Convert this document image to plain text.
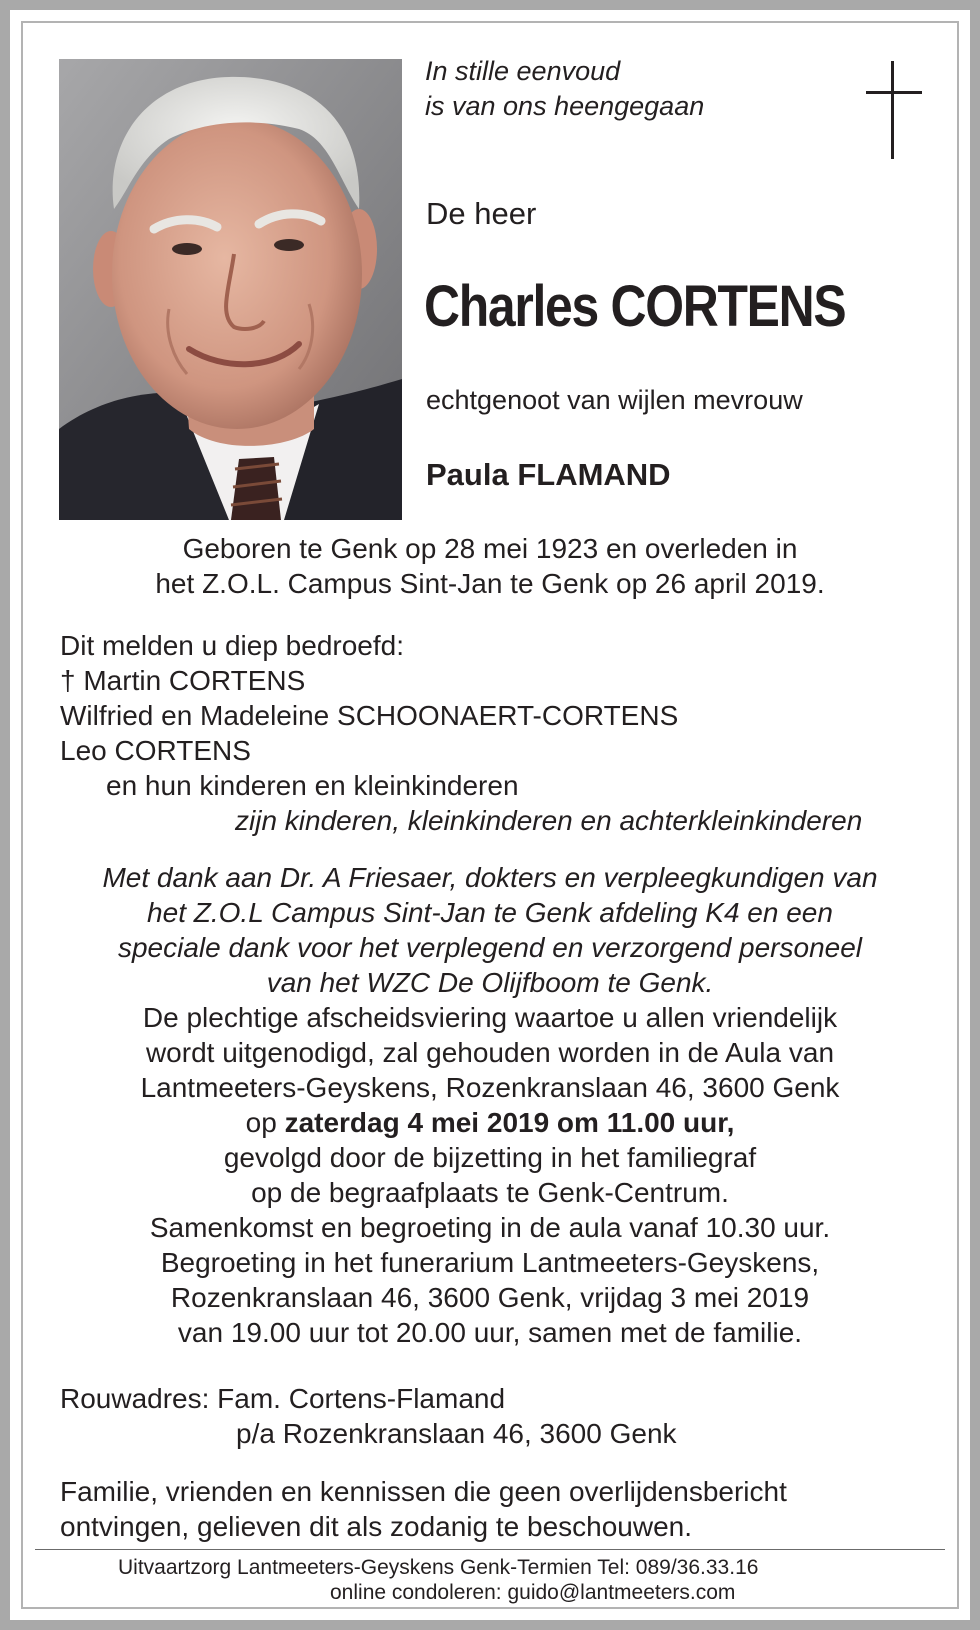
In stille eenvoud
is van ons heengegaan
De heer
Charles CORTENS
echtgenoot van wijlen mevrouw
Paula FLAMAND
Geboren te Genk op 28 mei 1923 en overleden in
het Z.O.L. Campus Sint-Jan te Genk op 26 april 2019.
Dit melden u diep bedroefd:
† Martin CORTENS
Wilfried en Madeleine SCHOONAERT-CORTENS
Leo CORTENS
en hun kinderen en kleinkinderen
zijn kinderen, kleinkinderen en achterkleinkinderen
Met dank aan Dr. A Friesaer, dokters en verpleegkundigen van
het Z.O.L Campus Sint-Jan te Genk afdeling K4 en een
speciale dank voor het verplegend en verzorgend personeel
van het WZC De Olijfboom te Genk.
De plechtige afscheidsviering waartoe u allen vriendelijk
wordt uitgenodigd, zal gehouden worden in de Aula van
Lantmeeters-Geyskens, Rozenkranslaan 46, 3600 Genk
op zaterdag 4 mei 2019 om 11.00 uur,
gevolgd door de bijzetting in het familiegraf
op de begraafplaats te Genk-Centrum.
Samenkomst en begroeting in de aula vanaf 10.30 uur.
Begroeting in het funerarium Lantmeeters-Geyskens,
Rozenkranslaan 46, 3600 Genk, vrijdag 3 mei 2019
van 19.00 uur tot 20.00 uur, samen met de familie.
Rouwadres: Fam. Cortens-Flamand
p/a Rozenkranslaan 46, 3600 Genk
Familie, vrienden en kennissen die geen overlijdensbericht
ontvingen, gelieven dit als zodanig te beschouwen.
Uitvaartzorg Lantmeeters-Geyskens Genk-Termien Tel: 089/36.33.16
online condoleren: guido@lantmeeters.com
